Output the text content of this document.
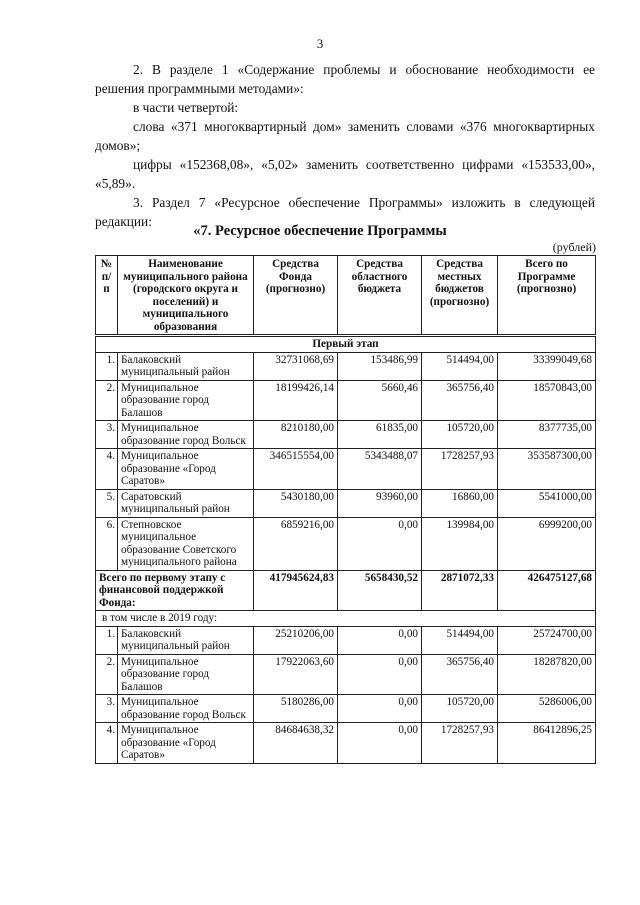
3

2. В разделе 1 «Содержание проблемы и обоснование необходимости ее решения программными методами»:

в части четвертой:

слова «371 многоквартирный дом» заменить словами «376 многоквартирных домов»;

цифры «152368,08», «5,02» заменить соответственно цифрами «153533,00», «5,89».

3. Раздел 7 «Ресурсное обеспечение Программы» изложить в следующей редакции:

«7. Ресурсное обеспечение Программы
(рублей)
№ п/п	Наименование муниципального района (городского округа и поселений) и муниципального образования	Средства Фонда (прогнозно)	Средства областного бюджета	Средства местных бюджетов (прогнозно)	Всего по Программе (прогнозно)
Первый этап					
1.	Балаковский муниципальный район	32731068,69	153486,99	514494,00	33399049,68
2.	Муниципальное образование город Балашов	18199426,14	5660,46	365756,40	18570843,00
3.	Муниципальное образование город Вольск	8210180,00	61835,00	105720,00	8377735,00
4.	Муниципальное образование «Город Саратов»	346515554,00	5343488,07	1728257,93	353587300,00
5.	Саратовский муниципальный район	5430180,00	93960,00	16860,00	5541000,00
6.	Степновское муниципальное образование Советского муниципального района	6859216,00	0,00	139984,00	6999200,00
Всего по первому этапу с финансовой поддержкой Фонда:		417945624,83	5658430,52	2871072,33	426475127,68
в том числе в 2019 году:					
1.	Балаковский муниципальный район	25210206,00	0,00	514494,00	25724700,00
2.	Муниципальное образование город Балашов	17922063,60	0,00	365756,40	18287820,00
3.	Муниципальное образование город Вольск	5180286,00	0,00	105720,00	5286006,00
4.	Муниципальное образование «Город Саратов»	84684638,32	0,00	1728257,93	86412896,25
